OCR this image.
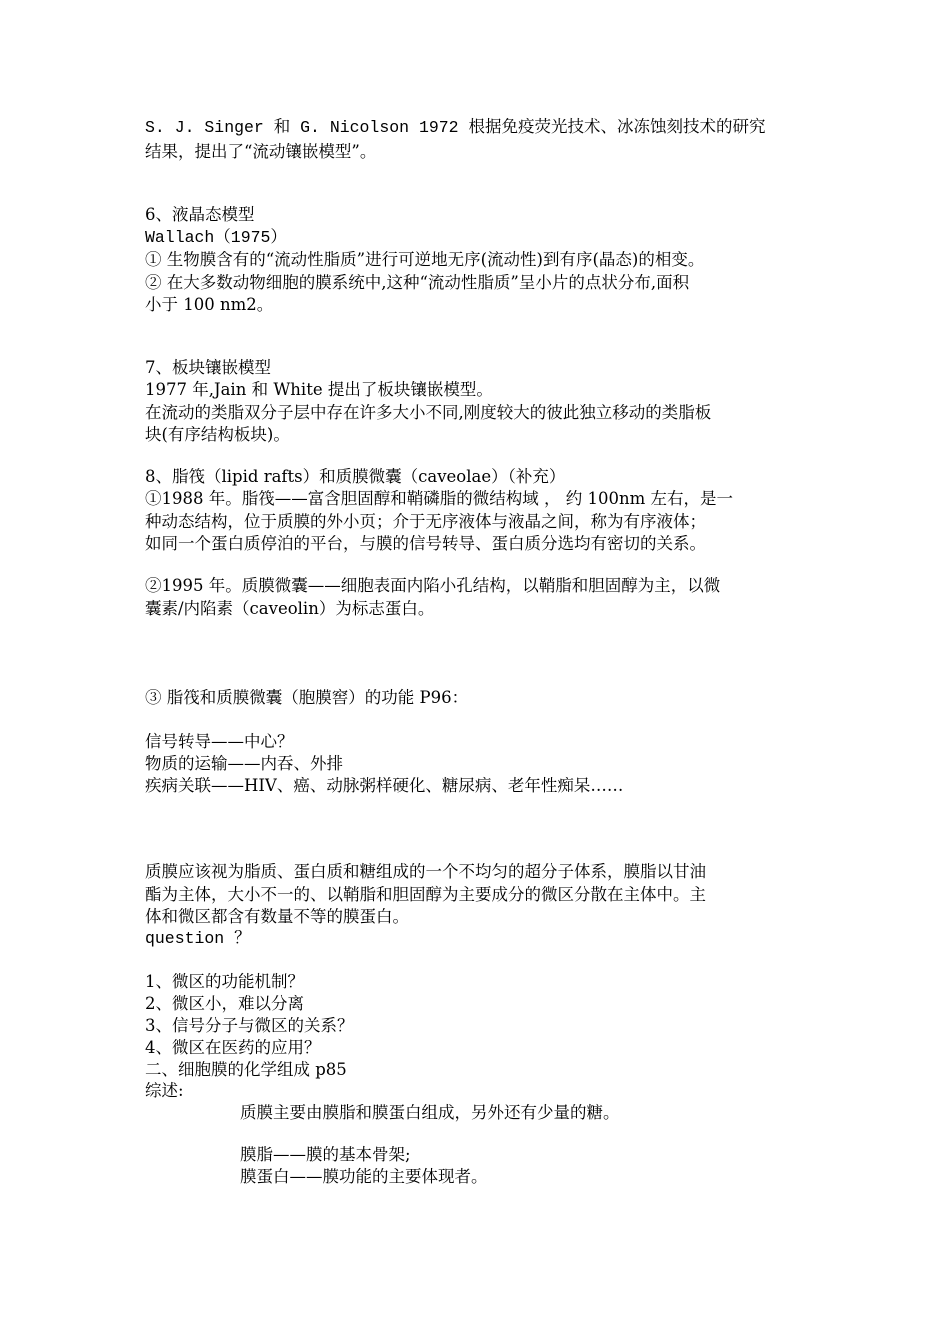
S. J. Singer 和 G. Nicolson 1972 根据免疫荧光技术、冰冻蚀刻技术的研究
结果，提出了“流动镶嵌模型”。
6、液晶态模型
Wallach（1975）
① 生物膜含有的“流动性脂质”进行可逆地无序(流动性)到有序(晶态)的相变。
② 在大多数动物细胞的膜系统中,这种“流动性脂质”呈小片的点状分布,面积
小于 100 nm2。
7、板块镶嵌模型
1977 年,Jain 和 White 提出了板块镶嵌模型。
在流动的类脂双分子层中存在许多大小不同,刚度较大的彼此独立移动的类脂板
块(有序结构板块)。
8、脂筏（lipid rafts）和质膜微囊（caveolae）（补充）
①1988 年。脂筏——富含胆固醇和鞘磷脂的微结构域 ， 约 100nm 左右，是一
种动态结构，位于质膜的外小页；介于无序液体与液晶之间，称为有序液体；
如同一个蛋白质停泊的平台，与膜的信号转导、蛋白质分选均有密切的关系。
②1995 年。质膜微囊——细胞表面内陷小孔结构，以鞘脂和胆固醇为主，以微
囊素/内陷素（caveolin）为标志蛋白。
③ 脂筏和质膜微囊（胞膜窖）的功能 P96：
信号转导——中心？
物质的运输——内吞、外排
疾病关联——HIV、癌、动脉粥样硬化、糖尿病、老年性痴呆……
质膜应该视为脂质、蛋白质和糖组成的一个不均匀的超分子体系，膜脂以甘油
酯为主体，大小不一的、以鞘脂和胆固醇为主要成分的微区分散在主体中。主
体和微区都含有数量不等的膜蛋白。
question ？
1、微区的功能机制？
2、微区小，难以分离
3、信号分子与微区的关系？
4、微区在医药的应用？
二、细胞膜的化学组成 p85
综述:
质膜主要由膜脂和膜蛋白组成，另外还有少量的糖。
膜脂——膜的基本骨架;
膜蛋白——膜功能的主要体现者。
